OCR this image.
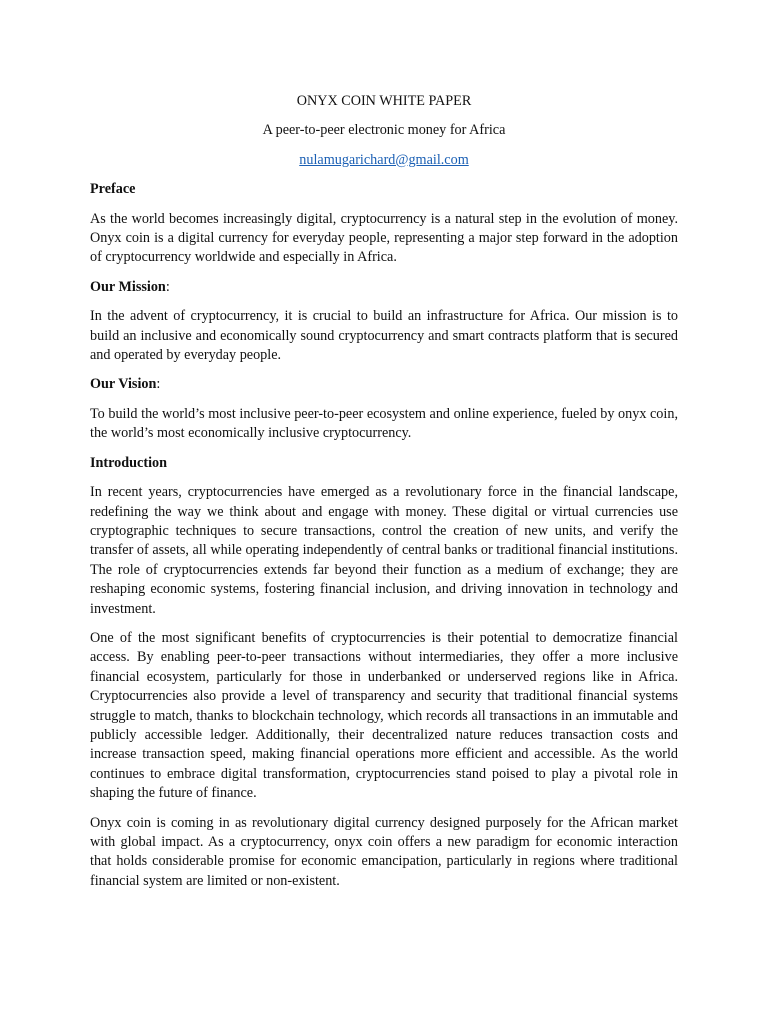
ONYX COIN WHITE PAPER
A peer-to-peer electronic money for Africa
nulamugarichard@gmail.com
Preface

As the world becomes increasingly digital, cryptocurrency is a natural step in the evolution of money. Onyx coin is a digital currency for everyday people, representing a major step forward in the adoption of cryptocurrency worldwide and especially in Africa.

Our Mission:

In the advent of cryptocurrency, it is crucial to build an infrastructure for Africa. Our mission is to build an inclusive and economically sound cryptocurrency and smart contracts platform that is secured and operated by everyday people.

Our Vision:

To build the world’s most inclusive peer-to-peer ecosystem and online experience, fueled by onyx coin, the world’s most economically inclusive cryptocurrency.

Introduction

In recent years, cryptocurrencies have emerged as a revolutionary force in the financial landscape, redefining the way we think about and engage with money. These digital or virtual currencies use cryptographic techniques to secure transactions, control the creation of new units, and verify the transfer of assets, all while operating independently of central banks or traditional financial institutions. The role of cryptocurrencies extends far beyond their function as a medium of exchange; they are reshaping economic systems, fostering financial inclusion, and driving innovation in technology and investment.

One of the most significant benefits of cryptocurrencies is their potential to democratize financial access. By enabling peer-to-peer transactions without intermediaries, they offer a more inclusive financial ecosystem, particularly for those in underbanked or underserved regions like in Africa. Cryptocurrencies also provide a level of transparency and security that traditional financial systems struggle to match, thanks to blockchain technology, which records all transactions in an immutable and publicly accessible ledger. Additionally, their decentralized nature reduces transaction costs and increase transaction speed, making financial operations more efficient and accessible. As the world continues to embrace digital transformation, cryptocurrencies stand poised to play a pivotal role in shaping the future of finance.

Onyx coin is coming in as revolutionary digital currency designed purposely for the African market with global impact. As a cryptocurrency, onyx coin offers a new paradigm for economic interaction that holds considerable promise for economic emancipation, particularly in regions where traditional financial system are limited or non-existent.
